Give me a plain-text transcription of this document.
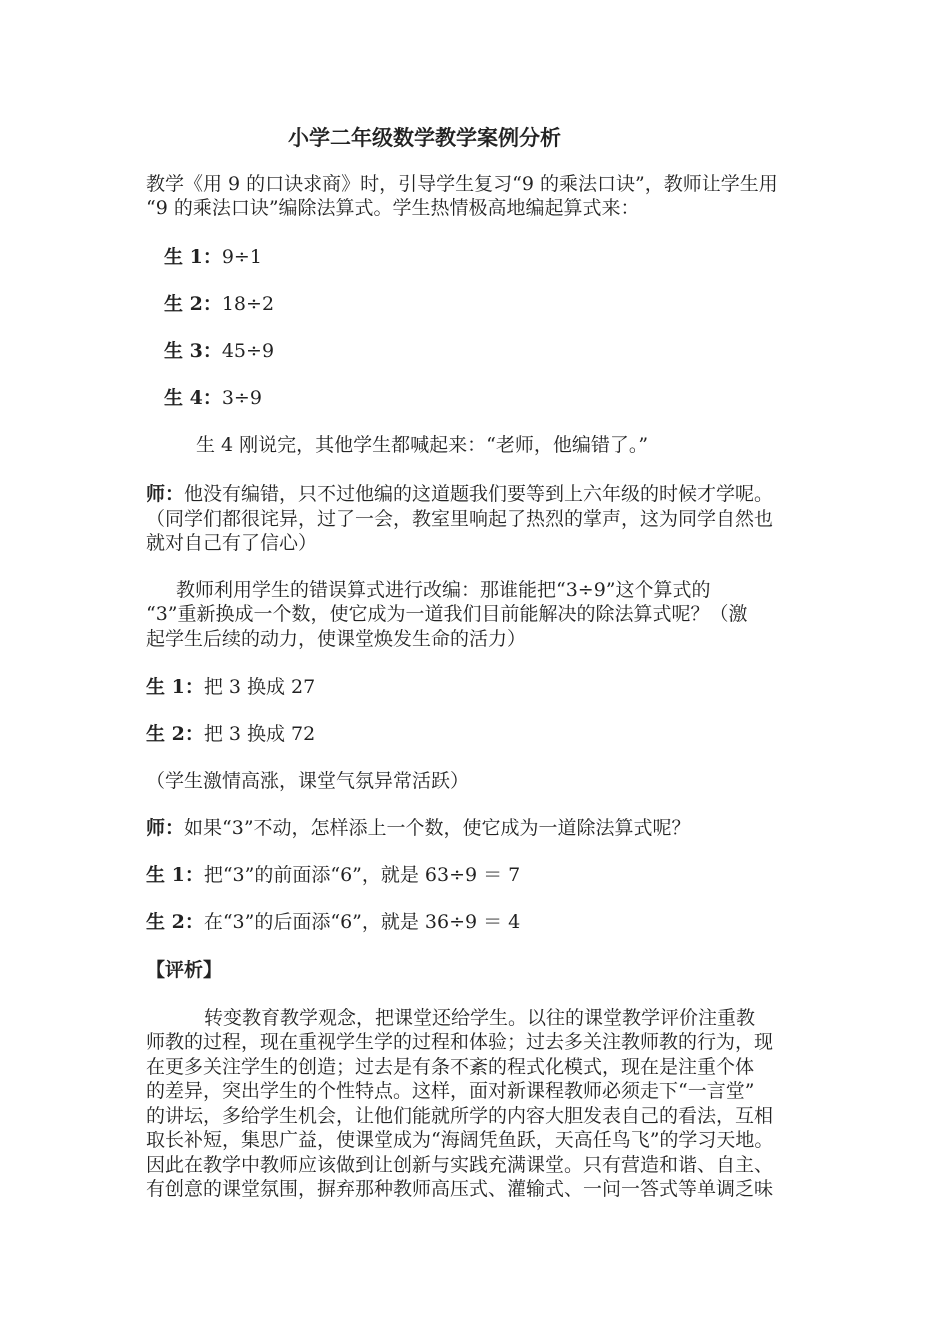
小学二年级数学教学案例分析
教学《用 9 的口诀求商》时，引导学生复习“9 的乘法口诀”，教师让学生用
“9 的乘法口诀”编除法算式。学生热情极高地编起算式来：
生 1：9÷1
生 2：18÷2
生 3：45÷9
生 4：3÷9
生 4 刚说完，其他学生都喊起来：“老师，他编错了。”
师：他没有编错，只不过他编的这道题我们要等到上六年级的时候才学呢。
（同学们都很诧异，过了一会，教室里响起了热烈的掌声，这为同学自然也
就对自己有了信心）
教师利用学生的错误算式进行改编：那谁能把“3÷9”这个算式的
“3”重新换成一个数，使它成为一道我们目前能解决的除法算式呢？（激
起学生后续的动力，使课堂焕发生命的活力）
生 1：把 3 换成 27
生 2：把 3 换成 72
（学生激情高涨，课堂气氛异常活跃）
师：如果“3”不动，怎样添上一个数，使它成为一道除法算式呢？
生 1：把“3”的前面添“6”，就是 63÷9 ＝ 7
生 2：在“3”的后面添“6”，就是 36÷9 ＝ 4
【评析】
转变教育教学观念，把课堂还给学生。以往的课堂教学评价注重教
师教的过程，现在重视学生学的过程和体验；过去多关注教师教的行为，现
在更多关注学生的创造；过去是有条不紊的程式化模式，现在是注重个体
的差异，突出学生的个性特点。这样，面对新课程教师必须走下“一言堂”
的讲坛，多给学生机会，让他们能就所学的内容大胆发表自己的看法，互相
取长补短，集思广益，使课堂成为“海阔凭鱼跃，天高任鸟飞”的学习天地。
因此在教学中教师应该做到让创新与实践充满课堂。只有营造和谐、自主、
有创意的课堂氛围，摒弃那种教师高压式、灌输式、一问一答式等单调乏味
